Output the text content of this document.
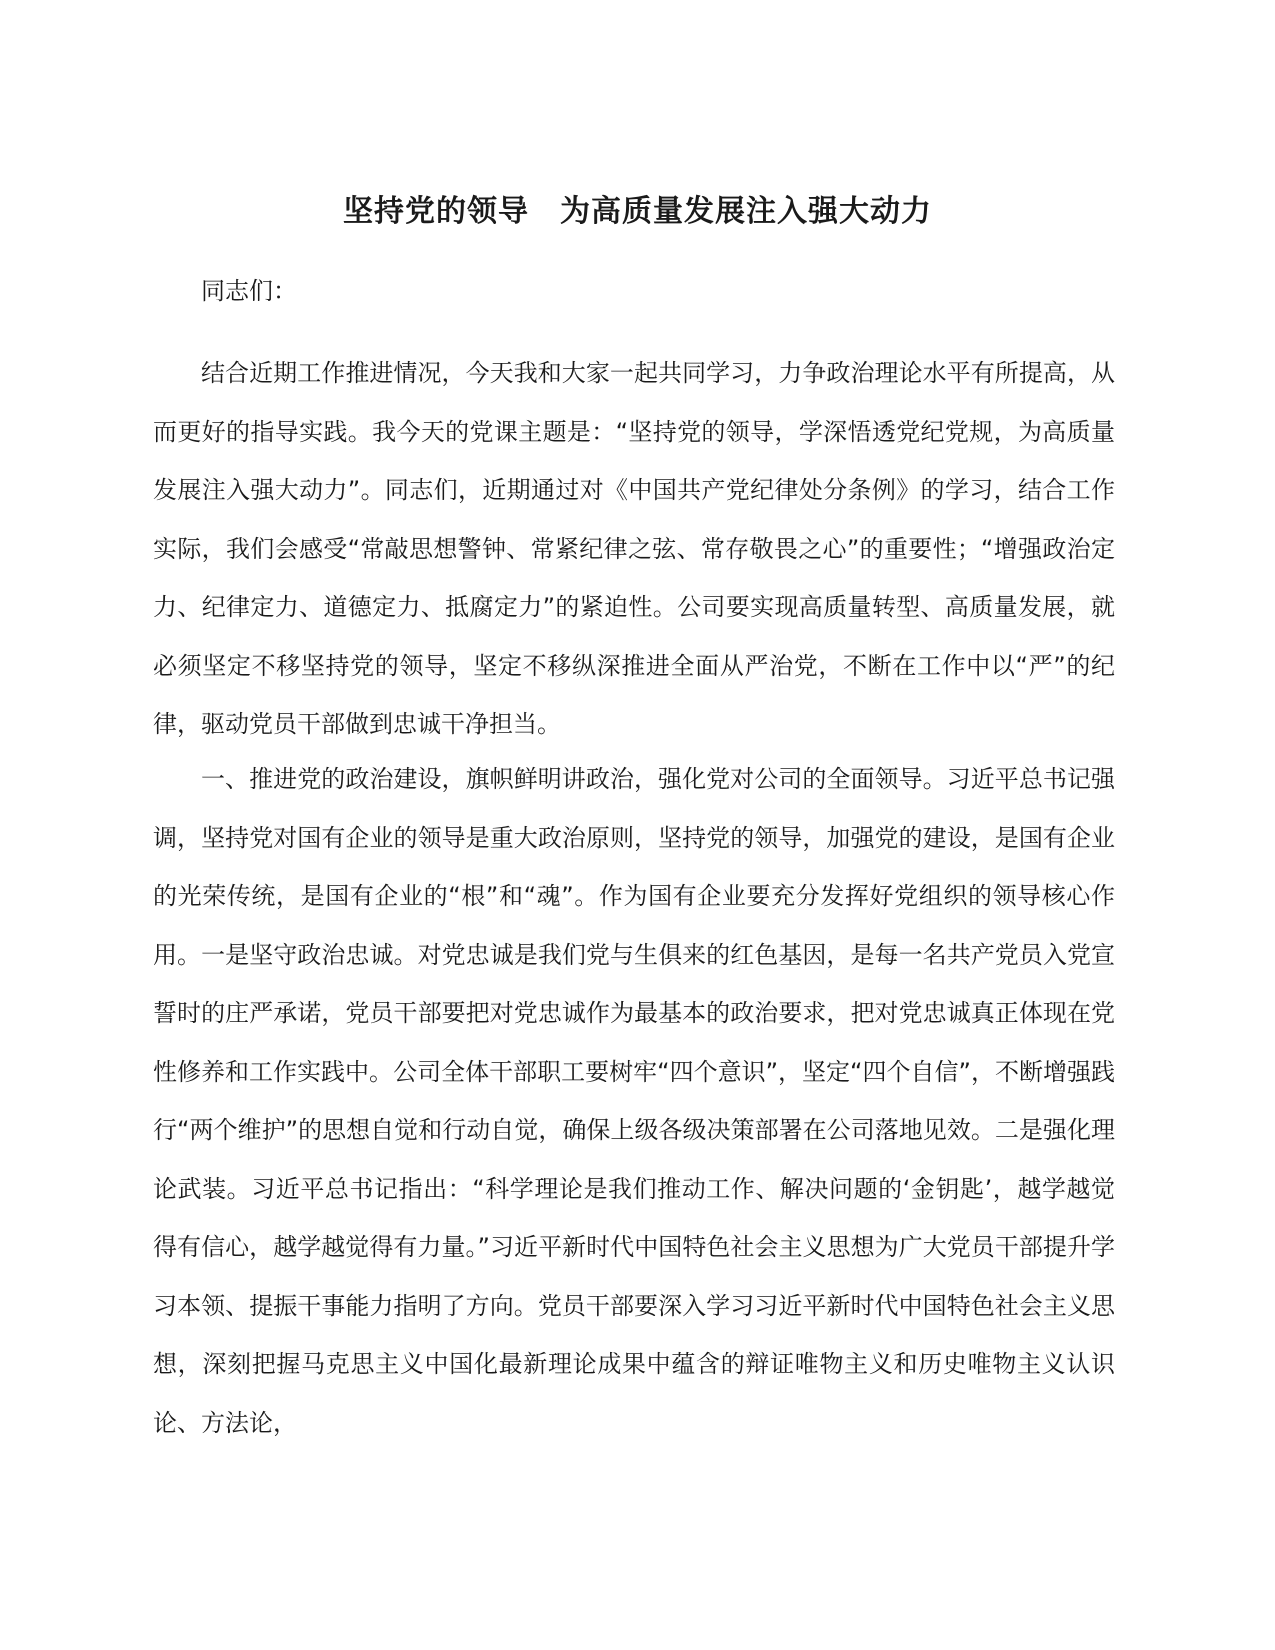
坚持党的领导　为高质量发展注入强大动力

同志们：

结合近期工作推进情况，今天我和大家一起共同学习，力争政治理论水平有所提高，从而更好的指导实践。我今天的党课主题是：“坚持党的领导，学深悟透党纪党规，为高质量发展注入强大动力”。同志们，近期通过对《中国共产党纪律处分条例》的学习，结合工作实际，我们会感受“常敲思想警钟、常紧纪律之弦、常存敬畏之心”的重要性；“增强政治定力、纪律定力、道德定力、抵腐定力”的紧迫性。公司要实现高质量转型、高质量发展，就必须坚定不移坚持党的领导，坚定不移纵深推进全面从严治党，不断在工作中以“严”的纪律，驱动党员干部做到忠诚干净担当。

一、推进党的政治建设，旗帜鲜明讲政治，强化党对公司的全面领导。习近平总书记强调，坚持党对国有企业的领导是重大政治原则，坚持党的领导，加强党的建设，是国有企业的光荣传统，是国有企业的“根”和“魂”。作为国有企业要充分发挥好党组织的领导核心作用。一是坚守政治忠诚。对党忠诚是我们党与生俱来的红色基因，是每一名共产党员入党宣誓时的庄严承诺，党员干部要把对党忠诚作为最基本的政治要求，把对党忠诚真正体现在党性修养和工作实践中。公司全体干部职工要树牢“四个意识”，坚定“四个自信”，不断增强践行“两个维护”的思想自觉和行动自觉，确保上级各级决策部署在公司落地见效。二是强化理论武装。习近平总书记指出：“科学理论是我们推动工作、解决问题的‘金钥匙’，越学越觉得有信心，越学越觉得有力量。”习近平新时代中国特色社会主义思想为广大党员干部提升学习本领、提振干事能力指明了方向。党员干部要深入学习习近平新时代中国特色社会主义思想，深刻把握马克思主义中国化最新理论成果中蕴含的辩证唯物主义和历史唯物主义认识论、方法论，
